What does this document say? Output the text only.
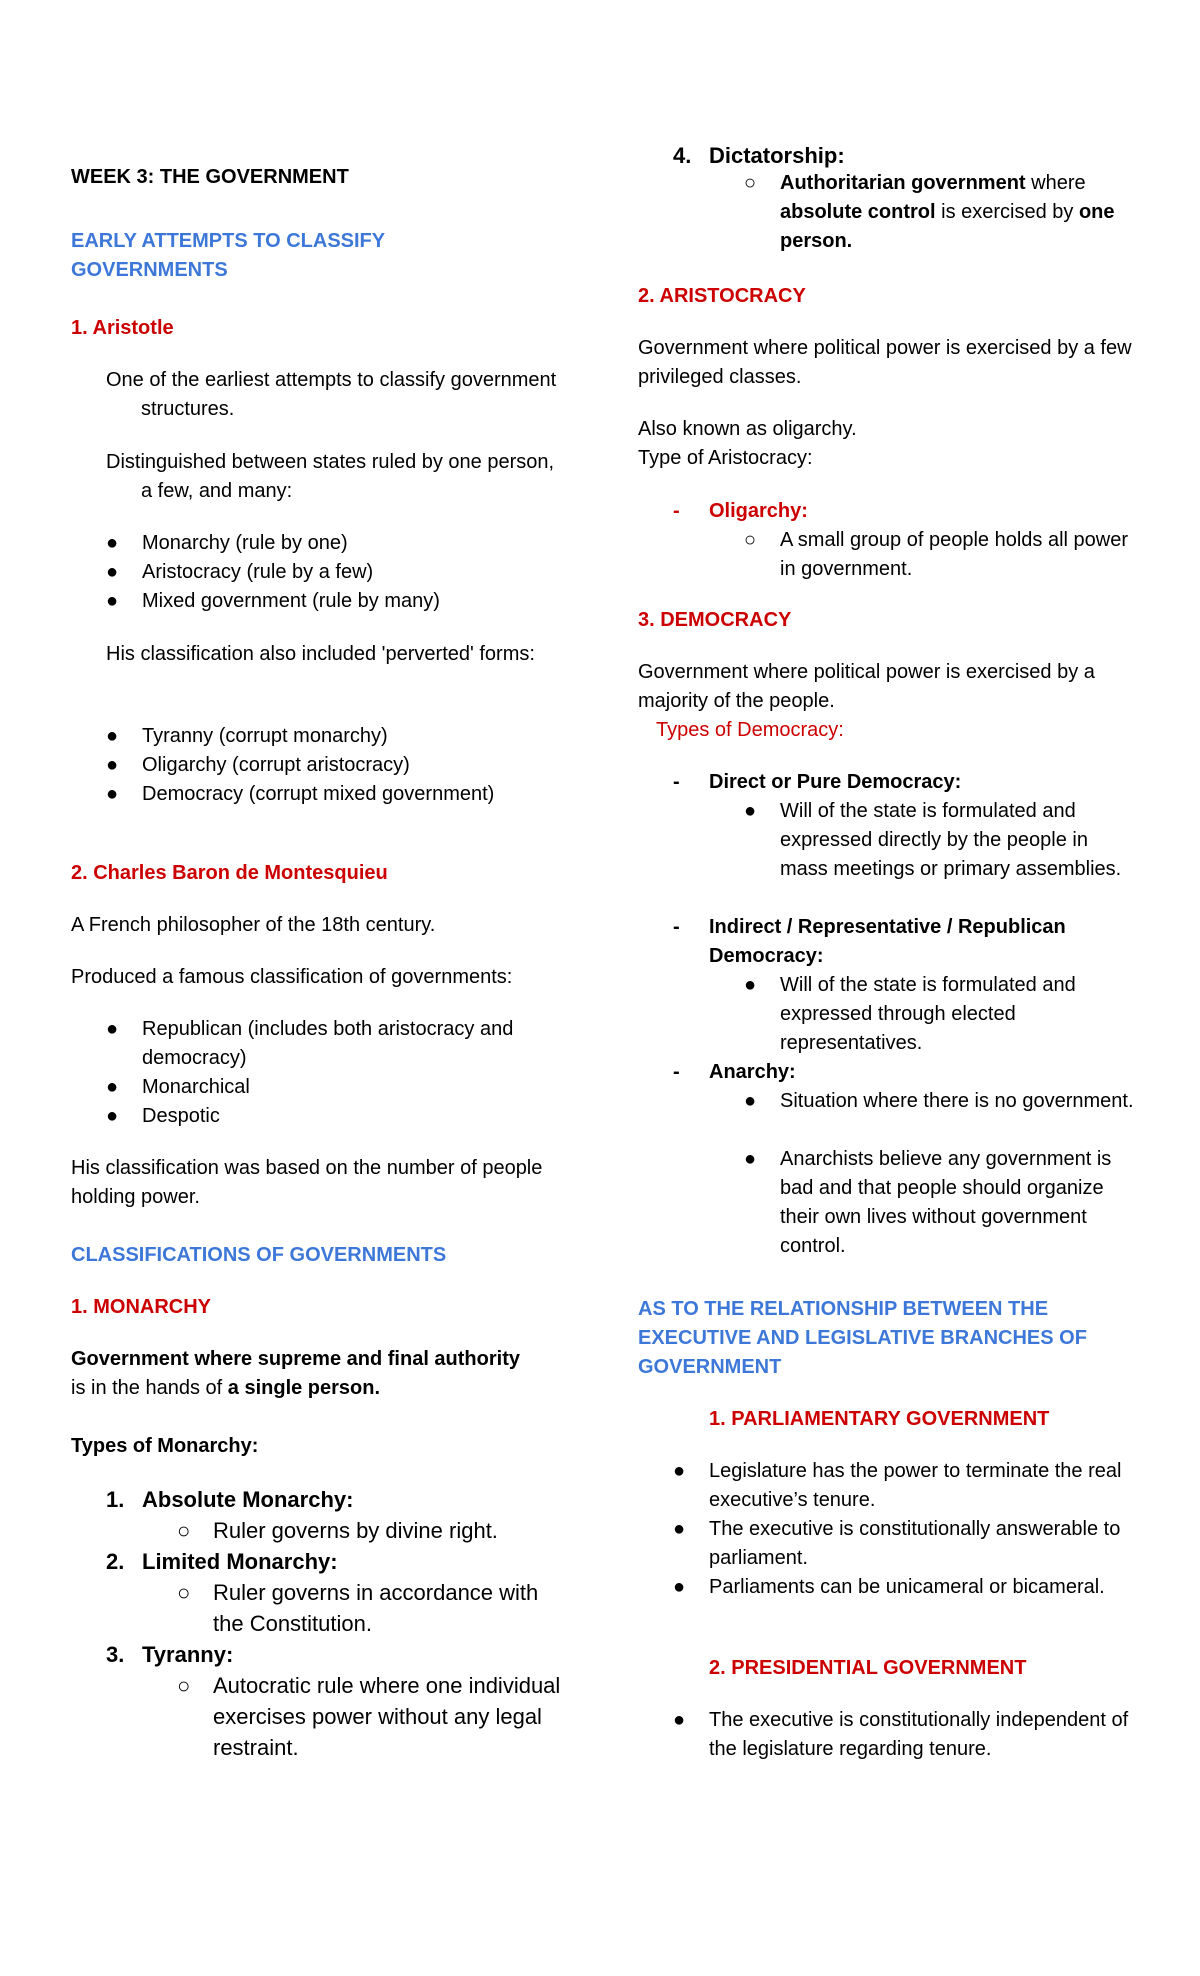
WEEK 3: THE GOVERNMENT
EARLY ATTEMPTS TO CLASSIFY GOVERNMENTS
1. Aristotle
One of the earliest attempts to classify government structures.
Distinguished between states ruled by one person, a few, and many:
●	Monarchy (rule by one)
●	Aristocracy (rule by a few)
●	Mixed government (rule by many)
His classification also included 'perverted' forms:
●	Tyranny (corrupt monarchy)
●	Oligarchy (corrupt aristocracy)
●	Democracy (corrupt mixed government)
2. Charles Baron de Montesquieu
A French philosopher of the 18th century.
Produced a famous classification of governments:
●	Republican (includes both aristocracy and democracy)
●	Monarchical
●	Despotic
His classification was based on the number of people holding power.
CLASSIFICATIONS OF GOVERNMENTS
1. MONARCHY
Government where supreme and final authority
is in the hands of a single person.
Types of Monarchy:
1. Absolute Monarchy:
○	Ruler governs by divine right.
2. Limited Monarchy:
○	Ruler governs in accordance with the Constitution.
3. Tyranny:
○	Autocratic rule where one individual exercises power without any legal restraint.
4. Dictatorship:
○	Authoritarian government where absolute control is exercised by one person.
2. ARISTOCRACY
Government where political power is exercised by a few privileged classes.
Also known as oligarchy.
Type of Aristocracy:
-	Oligarchy:
○	A small group of people holds all power in government.
3. DEMOCRACY
Government where political power is exercised by a majority of the people.
Types of Democracy:
-	Direct or Pure Democracy:
●	Will of the state is formulated and expressed directly by the people in mass meetings or primary assemblies.
-	Indirect / Representative / Republican Democracy:
●	Will of the state is formulated and expressed through elected representatives.
-	Anarchy:
●	Situation where there is no government.
●	Anarchists believe any government is bad and that people should organize their own lives without government control.
AS TO THE RELATIONSHIP BETWEEN THE EXECUTIVE AND LEGISLATIVE BRANCHES OF GOVERNMENT
1. PARLIAMENTARY GOVERNMENT
●	Legislature has the power to terminate the real executive’s tenure.
●	The executive is constitutionally answerable to parliament.
●	Parliaments can be unicameral or bicameral.
2. PRESIDENTIAL GOVERNMENT
●	The executive is constitutionally independent of the legislature regarding tenure.
